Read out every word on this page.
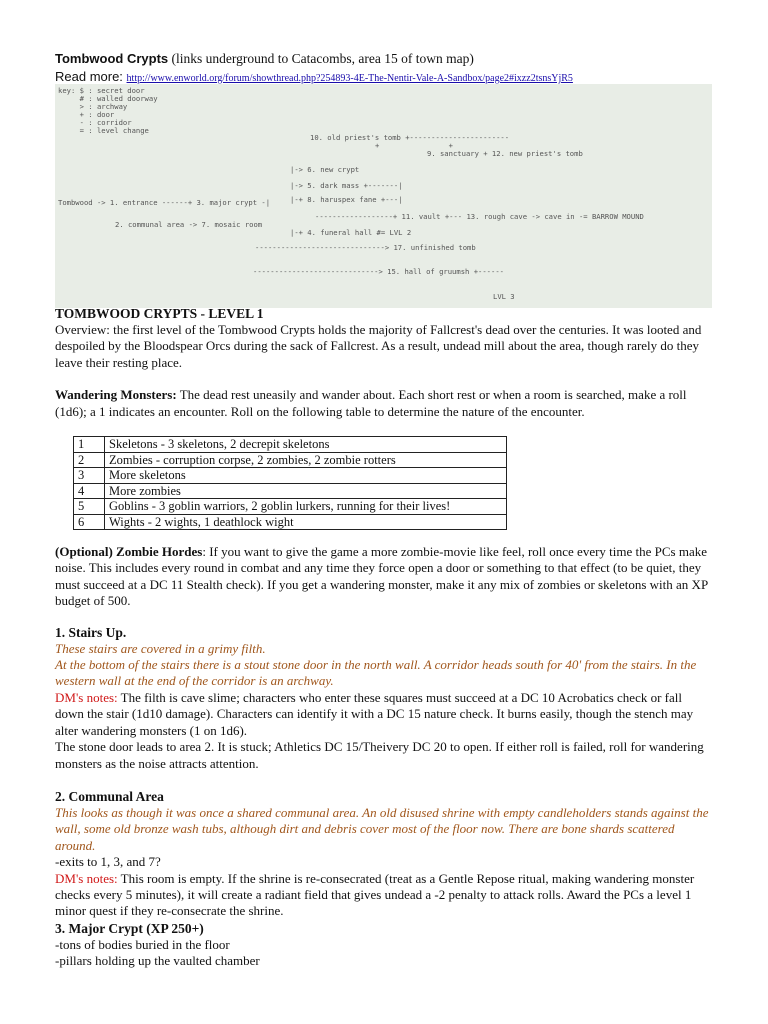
Tombwood Crypts (links underground to Catacombs, area 15 of town map)
Read more: http://www.enworld.org/forum/showthread.php?254893-4E-The-Nentir-Vale-A-Sandbox/page2#ixzz2tsnsYjR5
key: $ : secret door
# : walled doorway
> : archway
+ : door
- : corridor
= : level change
10. old priest's tomb +-----------------------
+                +
9. sanctuary + 12. new priest's tomb
|-> 6. new crypt
|-> 5. dark mass +-------|
|-+ 8. haruspex fane +---|
Tombwood -> 1. entrance ------+ 3. major crypt -|
------------------+ 11. vault +--- 13. rough cave -> cave in -= BARROW MOUND
2. communal area -> 7. mosaic room
|-+ 4. funeral hall #= LVL 2
------------------------------> 17. unfinished tomb
-----------------------------> 15. hall of gruumsh +------
LVL 3
TOMBWOOD CRYPTS - LEVEL 1

Overview: the first level of the Tombwood Crypts holds the majority of Fallcrest's dead over the centuries. It was looted and despoiled by the Bloodspear Orcs during the sack of Fallcrest. As a result, undead mill about the area, though rarely do they leave their resting place.

Wandering Monsters: The dead rest uneasily and wander about. Each short rest or when a room is searched, make a roll (1d6); a 1 indicates an encounter. Roll on the following table to determine the nature of the encounter.

1	Skeletons - 3 skeletons, 2 decrepit skeletons
2	Zombies - corruption corpse, 2 zombies, 2 zombie rotters
3	More skeletons
4	More zombies
5	Goblins - 3 goblin warriors, 2 goblin lurkers, running for their lives!
6	Wights - 2 wights, 1 deathlock wight

(Optional) Zombie Hordes: If you want to give the game a more zombie-movie like feel, roll once every time the PCs make noise. This includes every round in combat and any time they force open a door or something to that effect (to be quiet, they must succeed at a DC 11 Stealth check). If you get a wandering monster, make it any mix of zombies or skeletons with an XP budget of 500.

1. Stairs Up.

These stairs are covered in a grimy filth.

At the bottom of the stairs there is a stout stone door in the north wall. A corridor heads south for 40' from the stairs. In the western wall at the end of the corridor is an archway.

DM's notes: The filth is cave slime; characters who enter these squares must succeed at a DC 10 Acrobatics check or fall down the stair (1d10 damage). Characters can identify it with a DC 15 nature check. It burns easily, though the stench may alter wandering monsters (1 on 1d6).

The stone door leads to area 2. It is stuck; Athletics DC 15/Theivery DC 20 to open. If either roll is failed, roll for wandering monsters as the noise attracts attention.

2. Communal Area

This looks as though it was once a shared communal area. An old disused shrine with empty candleholders stands against the wall, some old bronze wash tubs, although dirt and debris cover most of the floor now. There are bone shards scattered around.

-exits to 1, 3, and 7?

DM's notes: This room is empty. If the shrine is re-consecrated (treat as a Gentle Repose ritual, making wandering monster checks every 5 minutes), it will create a radiant field that gives undead a -2 penalty to attack rolls. Award the PCs a level 1 minor quest if they re-consecrate the shrine.

3. Major Crypt (XP 250+)

-tons of bodies buried in the floor

-pillars holding up the vaulted chamber
